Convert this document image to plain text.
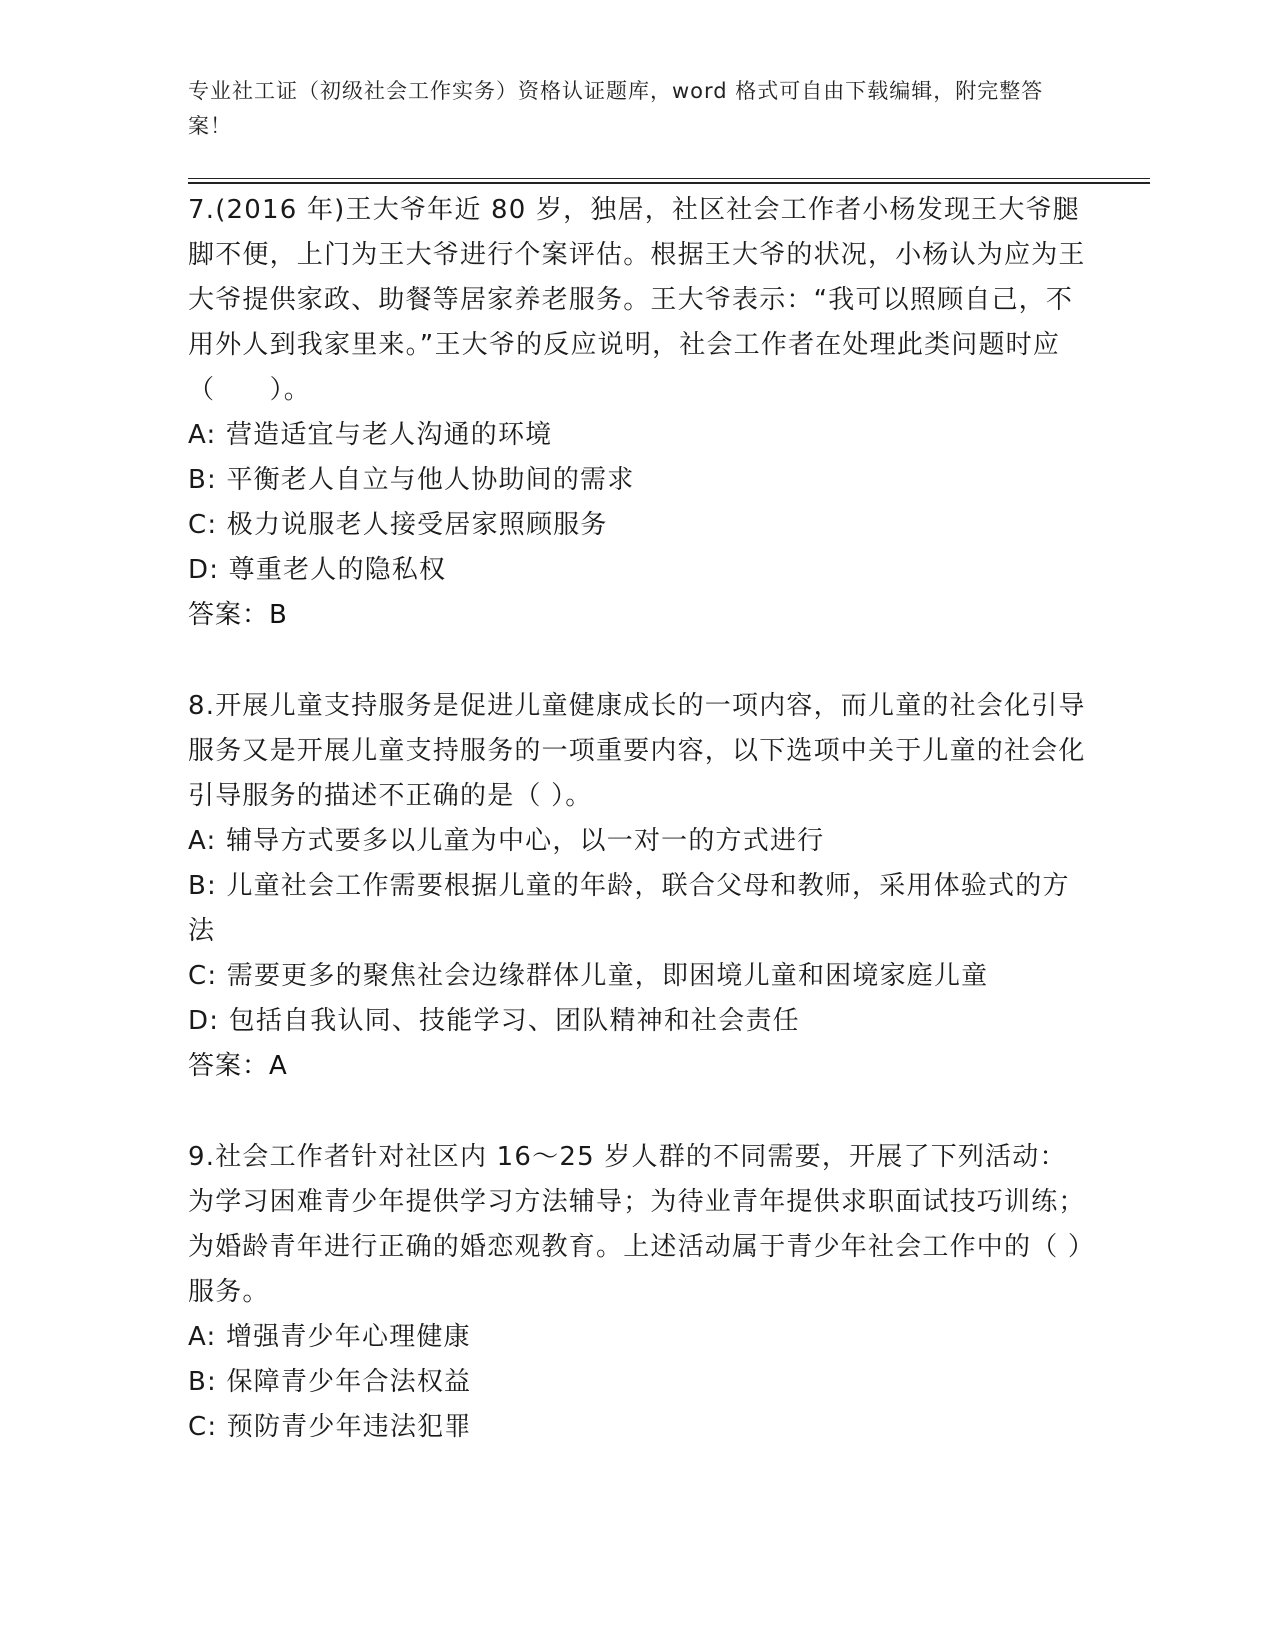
专业社工证（初级社会工作实务）资格认证题库，word 格式可自由下载编辑，附完整答案！

7.(2016 年)王大爷年近 80 岁，独居，社区社会工作者小杨发现王大爷腿脚不便，上门为王大爷进行个案评估。根据王大爷的状况，小杨认为应为王大爷提供家政、助餐等居家养老服务。王大爷表示：“我可以照顾自己，不用外人到我家里来。”王大爷的反应说明，社会工作者在处理此类问题时应（　　）。

A: 营造适宜与老人沟通的环境

B: 平衡老人自立与他人协助间的需求

C: 极力说服老人接受居家照顾服务

D: 尊重老人的隐私权

答案：B

8.开展儿童支持服务是促进儿童健康成长的一项内容，而儿童的社会化引导服务又是开展儿童支持服务的一项重要内容，以下选项中关于儿童的社会化引导服务的描述不正确的是（ ）。

A: 辅导方式要多以儿童为中心，以一对一的方式进行

B: 儿童社会工作需要根据儿童的年龄，联合父母和教师，采用体验式的方法

C: 需要更多的聚焦社会边缘群体儿童，即困境儿童和困境家庭儿童

D: 包括自我认同、技能学习、团队精神和社会责任

答案：A

9.社会工作者针对社区内 16～25 岁人群的不同需要，开展了下列活动：为学习困难青少年提供学习方法辅导；为待业青年提供求职面试技巧训练；为婚龄青年进行正确的婚恋观教育。上述活动属于青少年社会工作中的（ ）服务。

A: 增强青少年心理健康

B: 保障青少年合法权益

C: 预防青少年违法犯罪
